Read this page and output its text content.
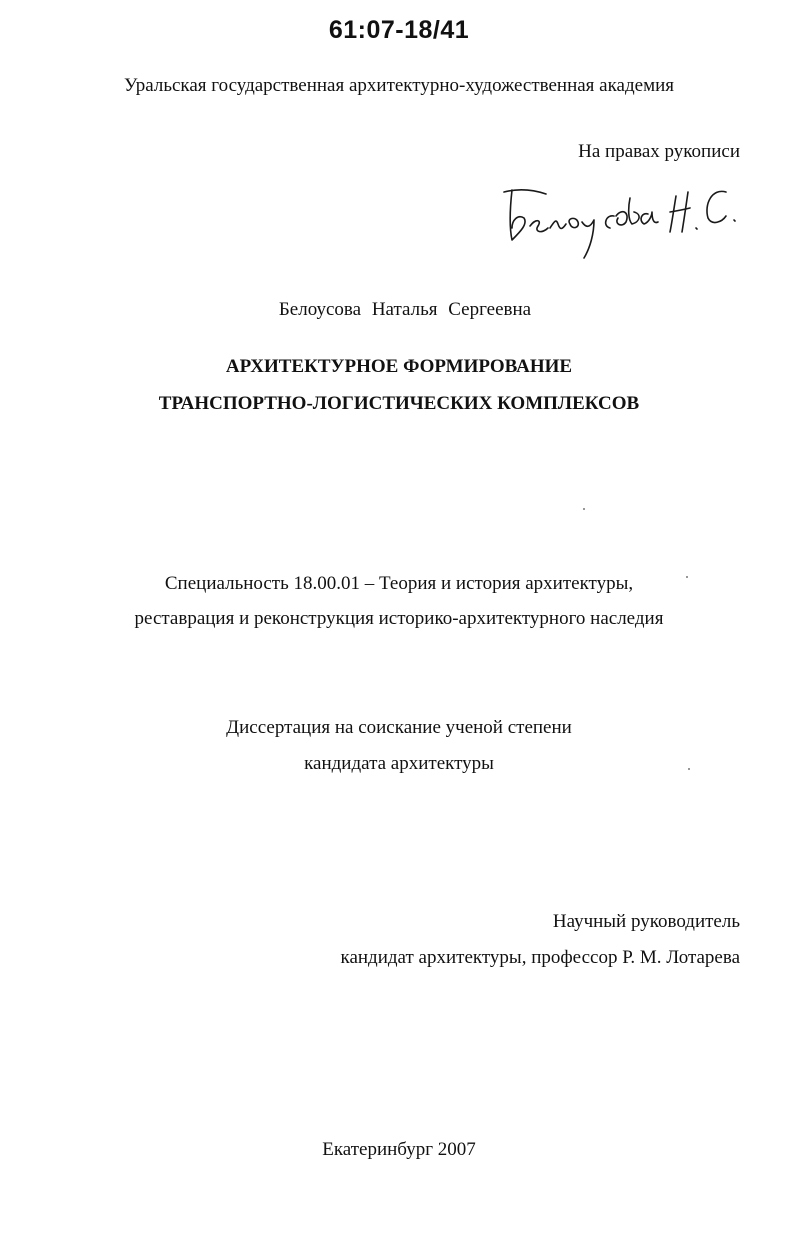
61:07-18/41
Уральская государственная архитектурно-художественная академия
На правах рукописи
Белоусова Наталья Сергеевна
АРХИТЕКТУРНОЕ ФОРМИРОВАНИЕ
ТРАНСПОРТНО-ЛОГИСТИЧЕСКИХ КОМПЛЕКСОВ
Специальность 18.00.01 – Теория и история архитектуры,
реставрация и реконструкция историко-архитектурного наследия
Диссертация на соискание ученой степени
кандидата архитектуры
Научный руководитель
кандидат архитектуры, профессор Р. М. Лотарева
Екатеринбург 2007
